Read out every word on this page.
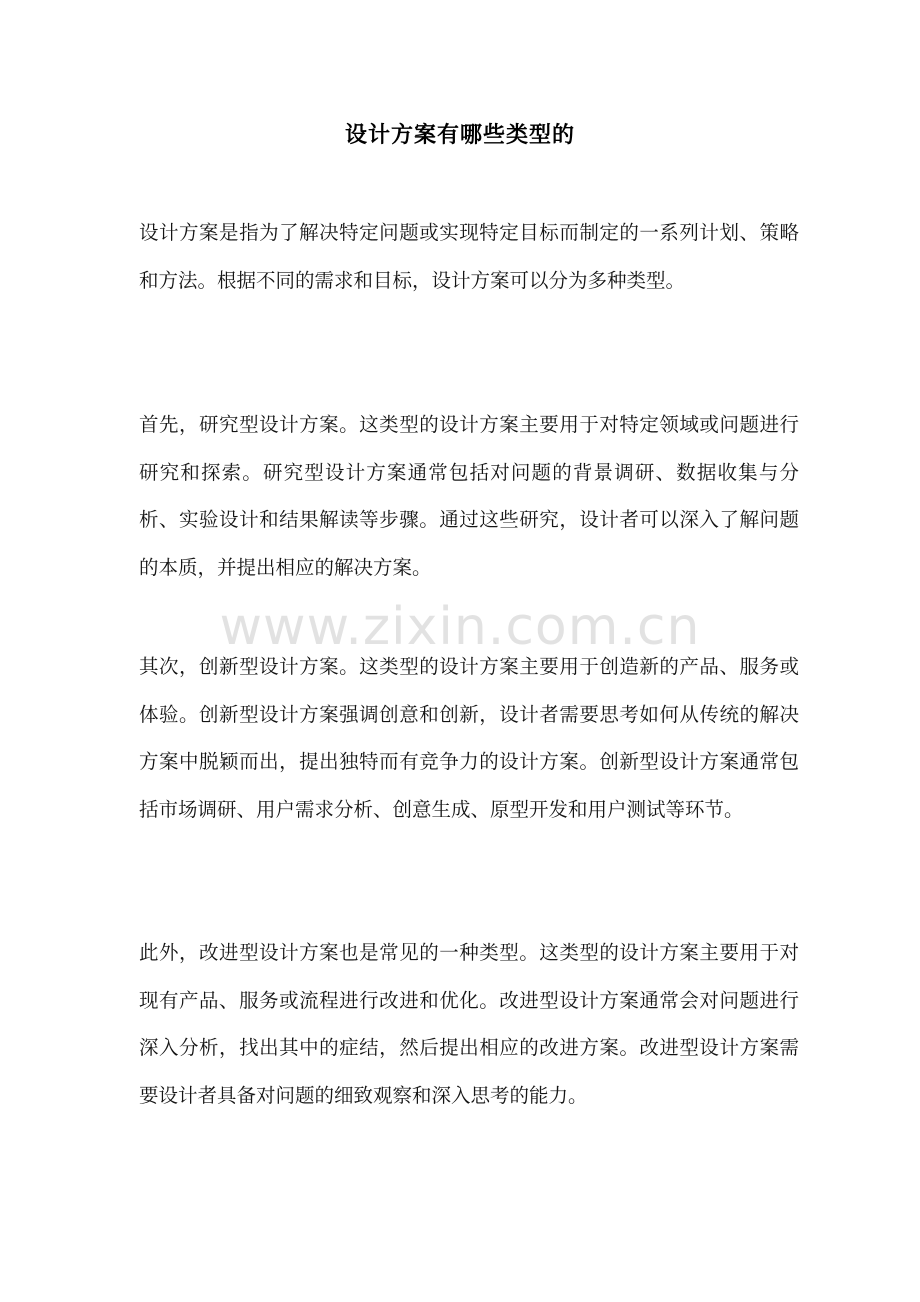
设计方案有哪些类型的

设计方案是指为了解决特定问题或实现特定目标而制定的一系列计划、策略和方法。根据不同的需求和目标，设计方案可以分为多种类型。

首先，研究型设计方案。这类型的设计方案主要用于对特定领域或问题进行研究和探索。研究型设计方案通常包括对问题的背景调研、数据收集与分析、实验设计和结果解读等步骤。通过这些研究，设计者可以深入了解问题的本质，并提出相应的解决方案。

其次，创新型设计方案。这类型的设计方案主要用于创造新的产品、服务或体验。创新型设计方案强调创意和创新，设计者需要思考如何从传统的解决方案中脱颖而出，提出独特而有竞争力的设计方案。创新型设计方案通常包括市场调研、用户需求分析、创意生成、原型开发和用户测试等环节。

此外，改进型设计方案也是常见的一种类型。这类型的设计方案主要用于对现有产品、服务或流程进行改进和优化。改进型设计方案通常会对问题进行深入分析，找出其中的症结，然后提出相应的改进方案。改进型设计方案需要设计者具备对问题的细致观察和深入思考的能力。

www.zixin.com.cn
